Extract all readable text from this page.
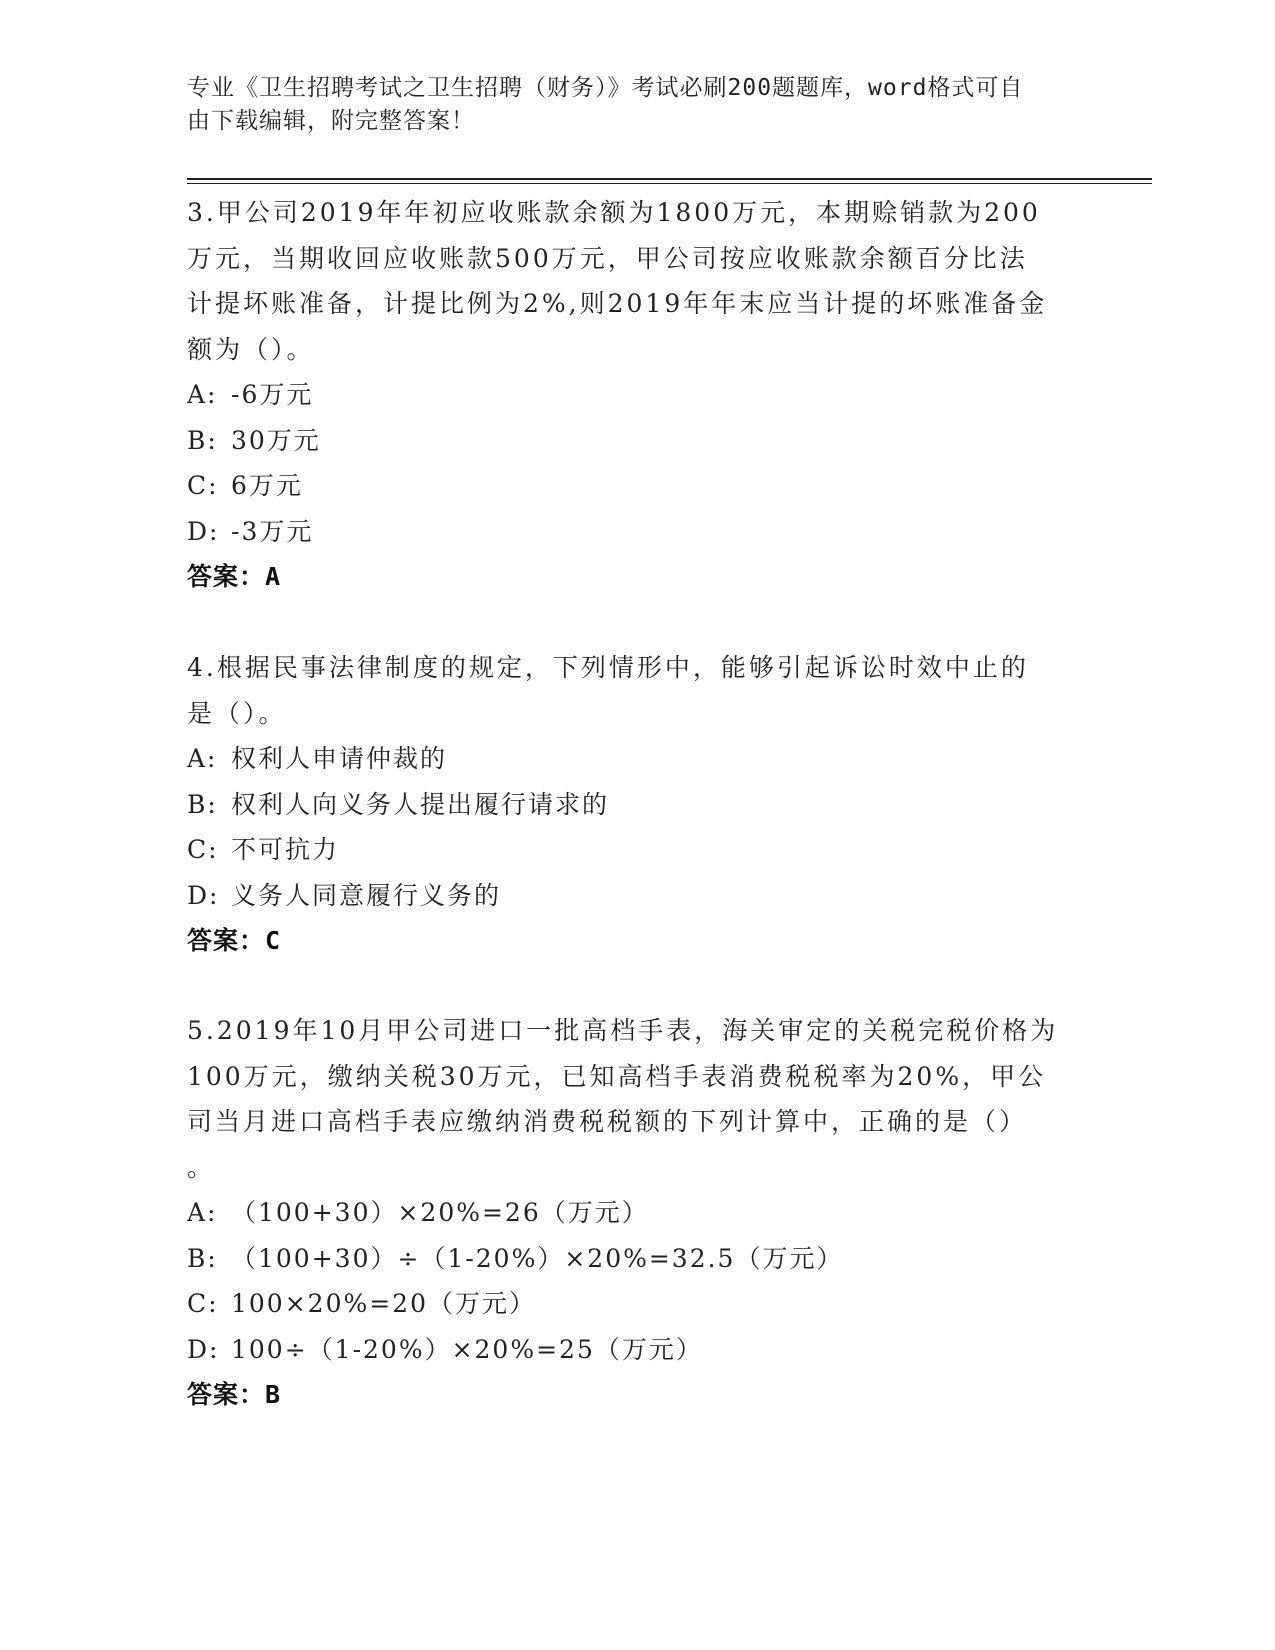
专业《卫生招聘考试之卫生招聘（财务）》考试必刷200题题库，word格式可自
由下载编辑，附完整答案！
3.甲公司2019年年初应收账款余额为1800万元，本期赊销款为200
万元，当期收回应收账款500万元，甲公司按应收账款余额百分比法
计提坏账准备，计提比例为2%,则2019年年末应当计提的坏账准备金
额为（）。
A: -6万元
B: 30万元
C: 6万元
D: -3万元
答案：A
4.根据民事法律制度的规定，下列情形中，能够引起诉讼时效中止的
是（）。
A: 权利人申请仲裁的
B: 权利人向义务人提出履行请求的
C: 不可抗力
D: 义务人同意履行义务的
答案：C
5.2019年10月甲公司进口一批高档手表，海关审定的关税完税价格为
100万元，缴纳关税30万元，已知高档手表消费税税率为20%，甲公
司当月进口高档手表应缴纳消费税税额的下列计算中，正确的是（）
。
A: （100+30）×20%=26（万元）
B: （100+30）÷（1-20%）×20%=32.5（万元）
C: 100×20%=20（万元）
D: 100÷（1-20%）×20%=25（万元）
答案：B
